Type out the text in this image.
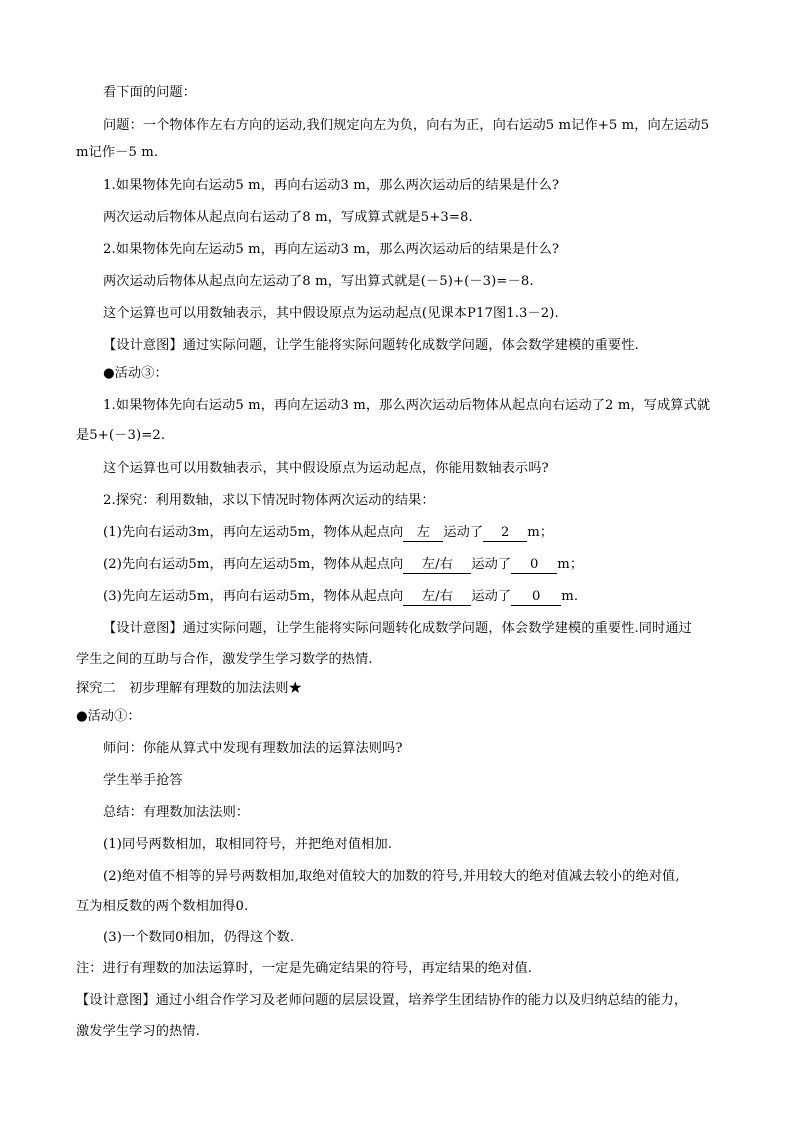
看下面的问题：
问题：一个物体作左右方向的运动,我们规定向左为负，向右为正，向右运动5 m记作+5 m，向左运动5
m记作－5 m.
1.如果物体先向右运动5 m，再向右运动3 m，那么两次运动后的结果是什么?
两次运动后物体从起点向右运动了8 m，写成算式就是5+3=8.
2.如果物体先向左运动5 m，再向左运动3 m，那么两次运动后的结果是什么?
两次运动后物体从起点向左运动了8 m，写出算式就是(－5)+(－3)=－8.
这个运算也可以用数轴表示，其中假设原点为运动起点(见课本P17图1.3－2).
【设计意图】通过实际问题，让学生能将实际问题转化成数学问题，体会数学建模的重要性.
●活动③：
1.如果物体先向右运动5 m，再向左运动3 m，那么两次运动后物体从起点向右运动了2 m，写成算式就
是5+(－3)=2.
这个运算也可以用数轴表示，其中假设原点为运动起点，你能用数轴表示吗?
2.探究：利用数轴，求以下情况时物体两次运动的结果：
(1)先向右运动3m，再向左运动5m，物体从起点向 左 运动了 2 m；
(2)先向右运动5m，再向左运动5m，物体从起点向 左/右 运动了 0 m；
(3)先向左运动5m，再向右运动5m，物体从起点向 左/右 运动了 0 m.
【设计意图】通过实际问题，让学生能将实际问题转化成数学问题，体会数学建模的重要性.同时通过
学生之间的互助与合作，激发学生学习数学的热情.
探究二　初步理解有理数的加法法则★
●活动①：
师问：你能从算式中发现有理数加法的运算法则吗?
学生举手抢答
总结：有理数加法法则：
(1)同号两数相加，取相同符号，并把绝对值相加.
(2)绝对值不相等的异号两数相加,取绝对值较大的加数的符号,并用较大的绝对值减去较小的绝对值,
互为相反数的两个数相加得0.
(3)一个数同0相加，仍得这个数.
注：进行有理数的加法运算时，一定是先确定结果的符号，再定结果的绝对值.
【设计意图】通过小组合作学习及老师问题的层层设置，培养学生团结协作的能力以及归纳总结的能力，
激发学生学习的热情.
